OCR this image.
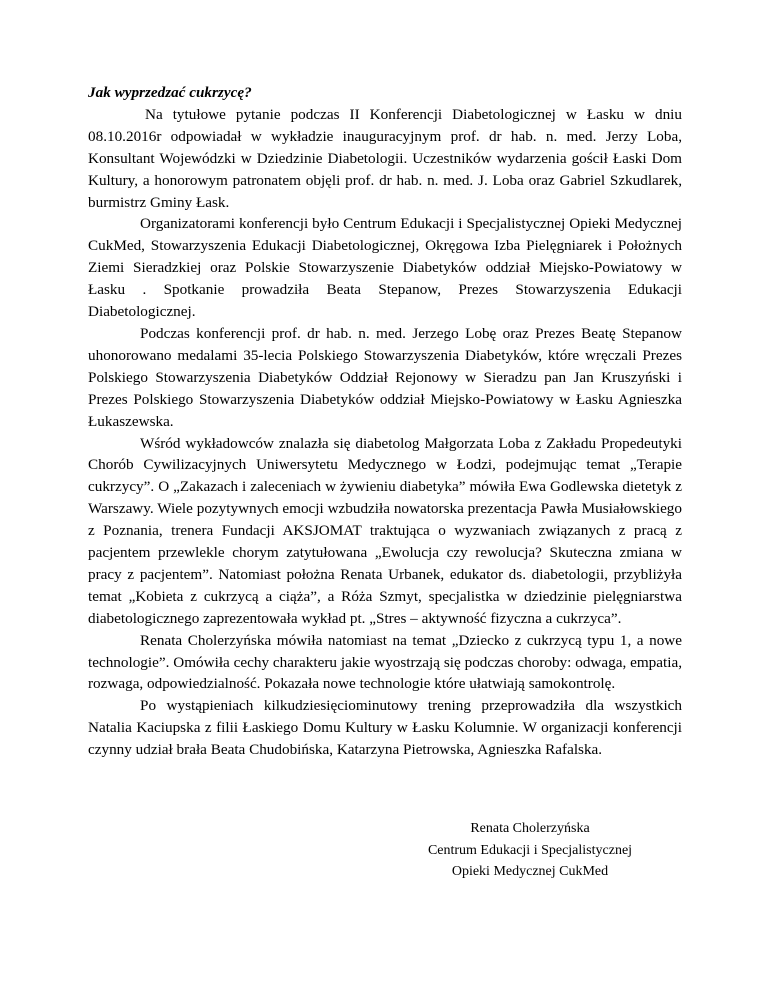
Jak wyprzedzać cukrzycę?

Na tytułowe pytanie podczas II Konferencji Diabetologicznej w Łasku w dniu 08.10.2016r odpowiadał w wykładzie inauguracyjnym prof. dr hab. n. med. Jerzy Loba, Konsultant Wojewódzki w Dziedzinie Diabetologii. Uczestników wydarzenia gościł Łaski Dom Kultury, a honorowym patronatem objęli prof. dr hab. n. med. J. Loba oraz Gabriel Szkudlarek, burmistrz Gminy Łask.

Organizatorami konferencji było Centrum Edukacji i Specjalistycznej Opieki Medycznej CukMed, Stowarzyszenia Edukacji Diabetologicznej, Okręgowa Izba Pielęgniarek i Położnych Ziemi Sieradzkiej oraz Polskie Stowarzyszenie Diabetyków oddział Miejsko-Powiatowy w Łasku . Spotkanie prowadziła Beata Stepanow, Prezes Stowarzyszenia Edukacji Diabetologicznej.

Podczas konferencji prof. dr hab. n. med. Jerzego Lobę oraz Prezes Beatę Stepanow uhonorowano medalami 35-lecia Polskiego Stowarzyszenia Diabetyków, które wręczali Prezes Polskiego Stowarzyszenia Diabetyków Oddział Rejonowy w Sieradzu pan Jan Kruszyński i Prezes Polskiego Stowarzyszenia Diabetyków oddział Miejsko-Powiatowy w Łasku Agnieszka Łukaszewska.

Wśród wykładowców znalazła się diabetolog Małgorzata Loba z Zakładu Propedeutyki Chorób Cywilizacyjnych Uniwersytetu Medycznego w Łodzi, podejmując temat „Terapie cukrzycy”. O „Zakazach i zaleceniach w żywieniu diabetyka” mówiła Ewa Godlewska dietetyk z Warszawy. Wiele pozytywnych emocji wzbudziła nowatorska prezentacja Pawła Musiałowskiego z Poznania, trenera Fundacji AKSJOMAT traktująca o wyzwaniach związanych z pracą z pacjentem przewlekle chorym zatytułowana „Ewolucja czy rewolucja? Skuteczna zmiana w pracy z pacjentem”. Natomiast położna Renata Urbanek, edukator ds. diabetologii, przybliżyła temat „Kobieta z cukrzycą a ciąża”, a Róża Szmyt, specjalistka w dziedzinie pielęgniarstwa diabetologicznego zaprezentowała wykład pt. „Stres – aktywność fizyczna a cukrzyca”.

Renata Cholerzyńska mówiła natomiast na temat „Dziecko z cukrzycą typu 1, a nowe technologie”. Omówiła cechy charakteru jakie wyostrzają się podczas choroby: odwaga, empatia, rozwaga, odpowiedzialność. Pokazała nowe technologie które ułatwiają samokontrolę.

Po wystąpieniach kilkudziesięciominutowy trening przeprowadziła dla wszystkich Natalia Kaciupska z filii Łaskiego Domu Kultury w Łasku Kolumnie. W organizacji konferencji czynny udział brała Beata Chudobińska, Katarzyna Pietrowska, Agnieszka Rafalska.

Renata Cholerzyńska
Centrum Edukacji i Specjalistycznej
Opieki Medycznej CukMed
